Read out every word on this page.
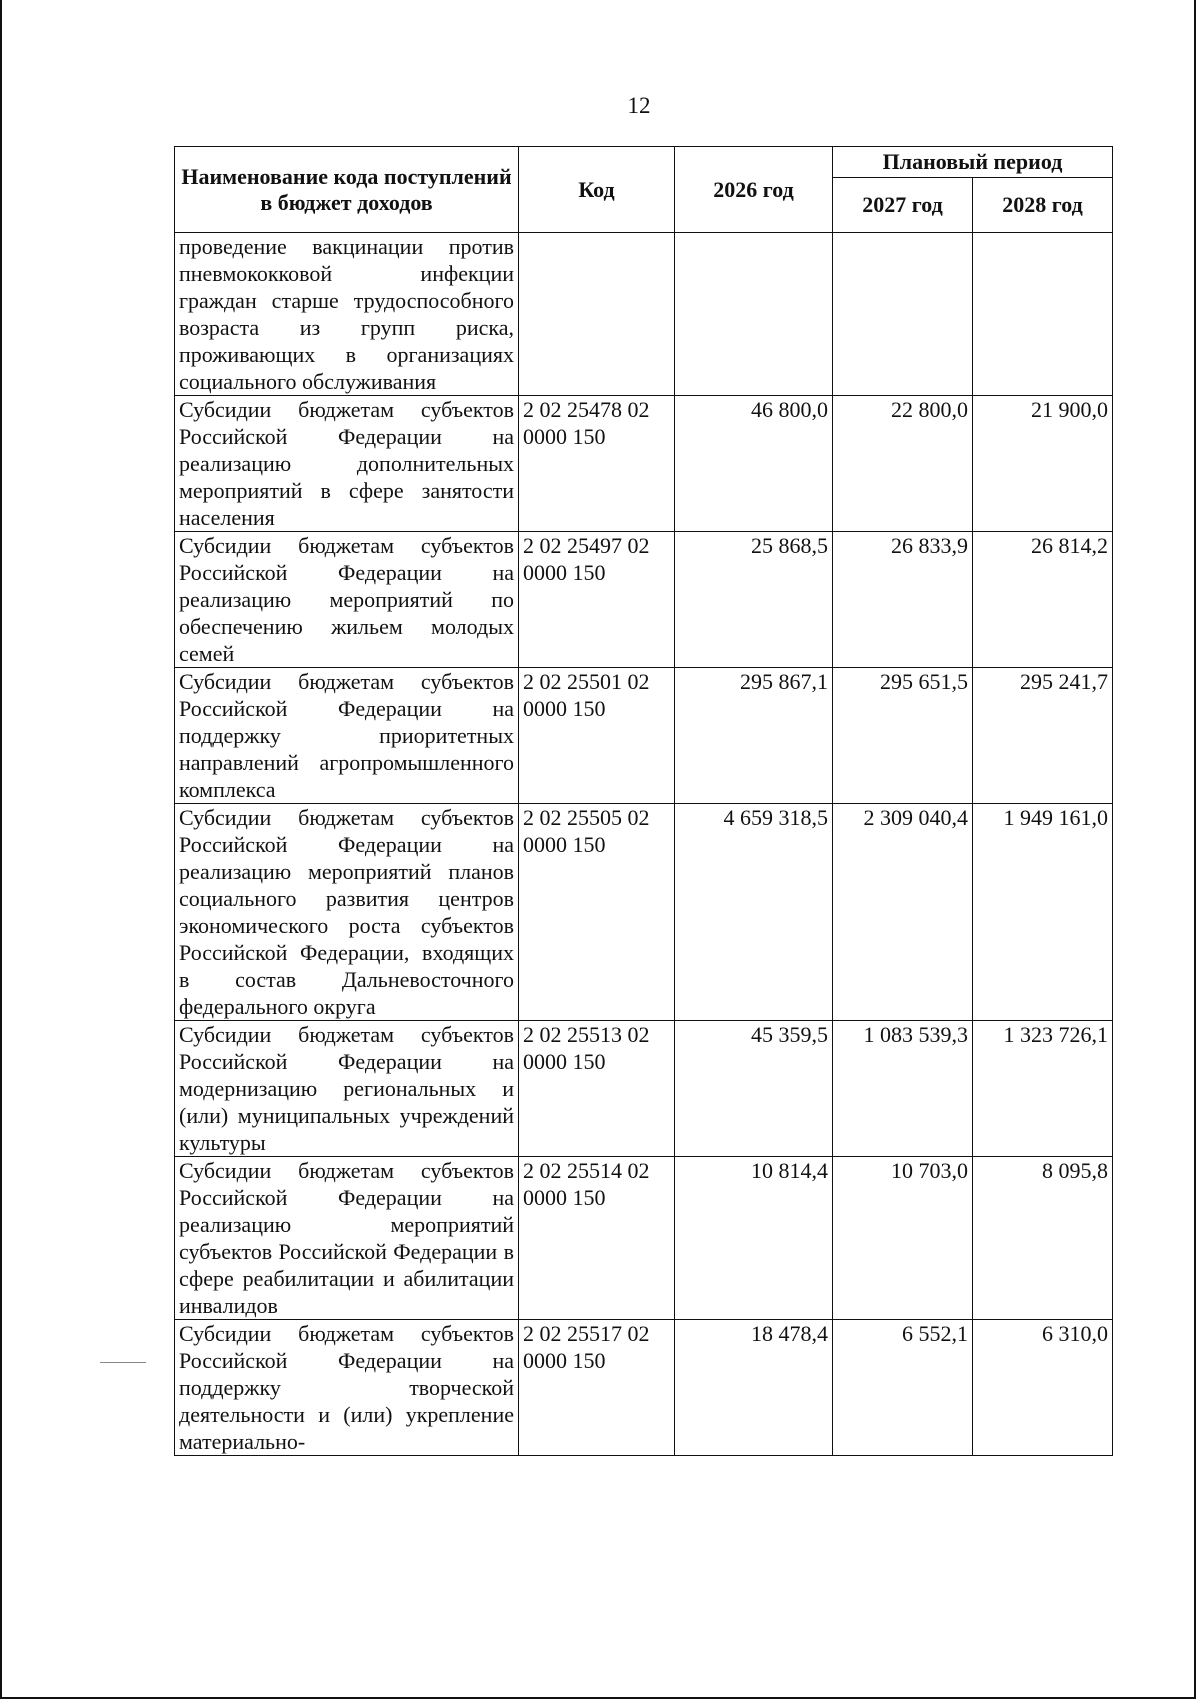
12
Наименование кода поступлений в бюджет доходов	Код	2026 год	Плановый период	
			2027 год	2028 год
проведение вакцинации против пневмококковой инфекции граждан старше трудоспособного возраста из групп риска, проживающих в организациях социального обслуживания				
Субсидии бюджетам субъектов Российской Федерации на реализацию дополнительных мероприятий в сфере занятости населения	2 02 25478 02 0000 150	46 800,0	22 800,0	21 900,0
Субсидии бюджетам субъектов Российской Федерации на реализацию мероприятий по обеспечению жильем молодых семей	2 02 25497 02 0000 150	25 868,5	26 833,9	26 814,2
Субсидии бюджетам субъектов Российской Федерации на поддержку приоритетных направлений агропромышленного комплекса	2 02 25501 02 0000 150	295 867,1	295 651,5	295 241,7
Субсидии бюджетам субъектов Российской Федерации на реализацию мероприятий планов социального развития центров экономического роста субъектов Российской Федерации, входящих в состав Дальневосточного федерального округа	2 02 25505 02 0000 150	4 659 318,5	2 309 040,4	1 949 161,0
Субсидии бюджетам субъектов Российской Федерации на модернизацию региональных и (или) муниципальных учреждений культуры	2 02 25513 02 0000 150	45 359,5	1 083 539,3	1 323 726,1
Субсидии бюджетам субъектов Российской Федерации на реализацию мероприятий субъектов Российской Федерации в сфере реабилитации и абилитации инвалидов	2 02 25514 02 0000 150	10 814,4	10 703,0	8 095,8
Субсидии бюджетам субъектов Российской Федерации на поддержку творческой деятельности и (или) укрепление материально-	2 02 25517 02 0000 150	18 478,4	6 552,1	6 310,0
